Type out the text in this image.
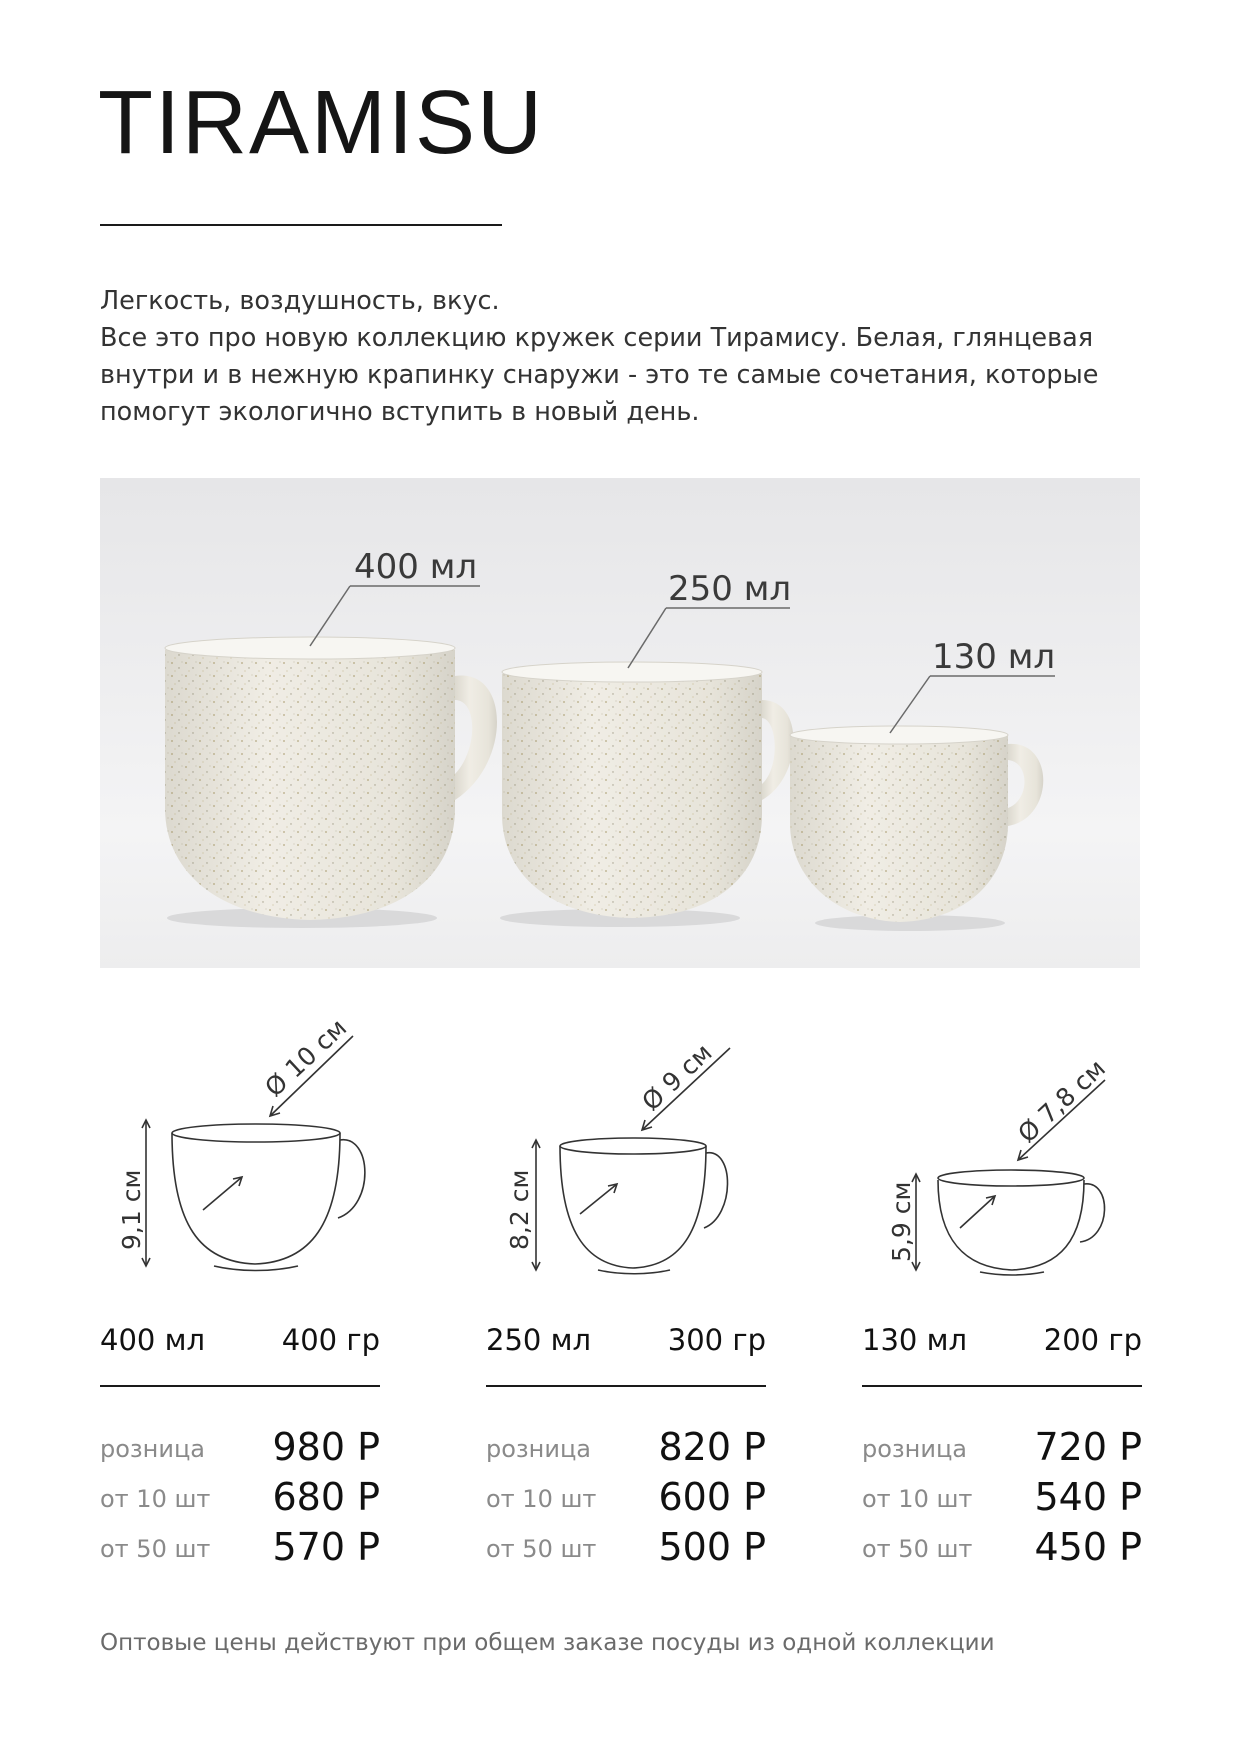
TIRAMISU
Легкость, воздушность, вкус.
Все это про новую коллекцию кружек серии Тирамису. Белая, глянцевая
внутри и в нежную крапинку снаружи - это те самые сочетания, которые
помогут экологично вступить в новый день.
400 мл
250 мл
130 мл
Ø 10 см
9,1 см
Ø 9 см
8,2 см
Ø 7,8 см
5,9 см
400 мл	400 гр
розница 980 Р
от 10 шт 680 Р
от 50 шт 570 Р
250 мл	300 гр
розница 820 Р
от 10 шт 600 Р
от 50 шт 500 Р
130 мл	200 гр
розница 720 Р
от 10 шт 540 Р
от 50 шт 450 Р
Оптовые цены действуют при общем заказе посуды из одной коллекции
